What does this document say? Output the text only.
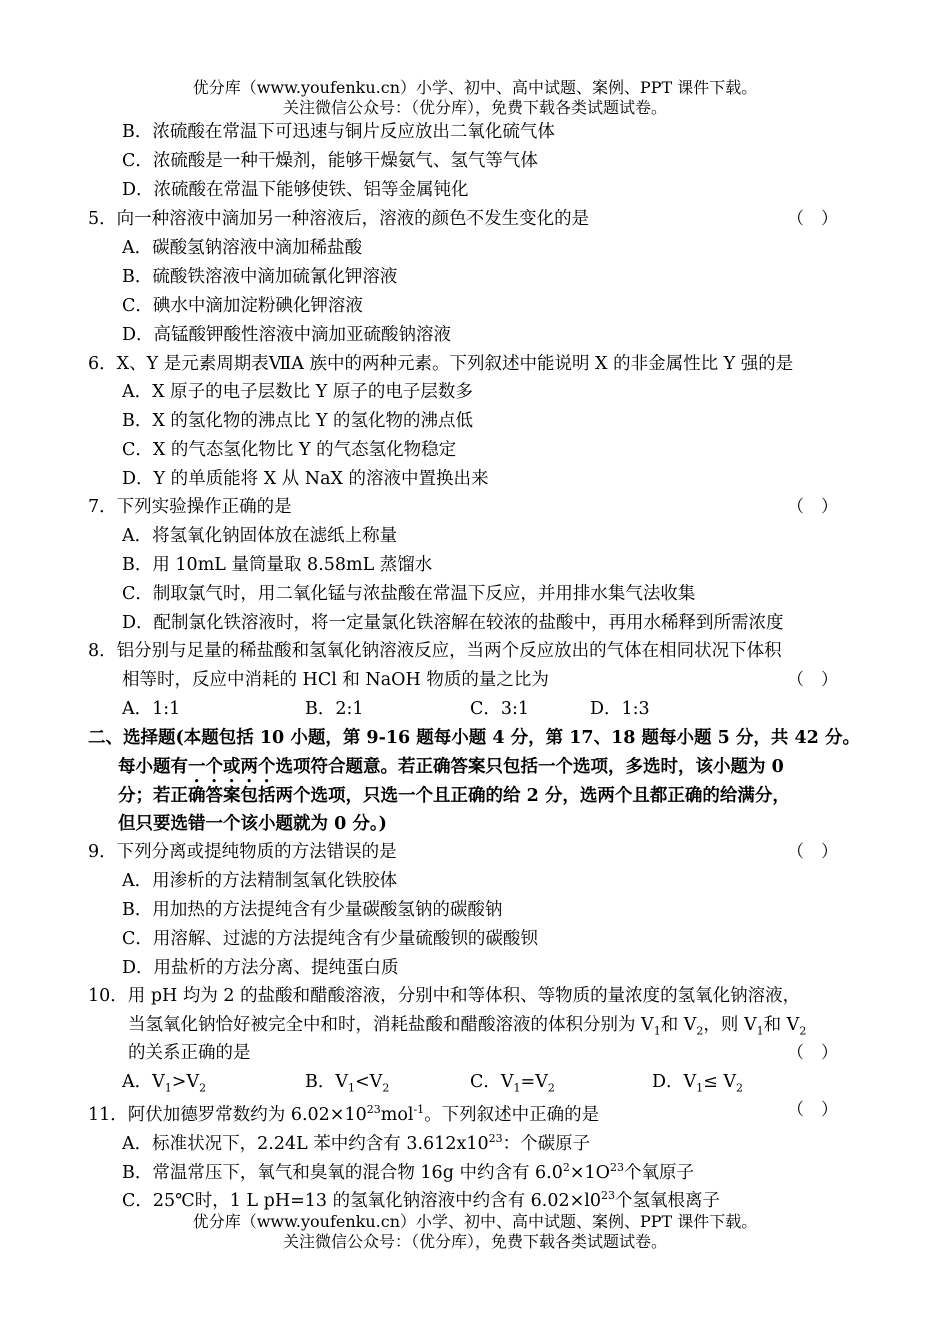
优分库（www.youfenku.cn）小学、初中、高中试题、案例、PPT 课件下载。
关注微信公众号：（优分库），免费下载各类试题试卷。
B．浓硫酸在常温下可迅速与铜片反应放出二氧化硫气体
C．浓硫酸是一种干燥剂，能够干燥氨气、氢气等气体
D．浓硫酸在常温下能够使铁、铝等金属钝化
5．向一种溶液中滴加另一种溶液后，溶液的颜色不发生变化的是	（　）
A．碳酸氢钠溶液中滴加稀盐酸
B．硫酸铁溶液中滴加硫氰化钾溶液
C．碘水中滴加淀粉碘化钾溶液
D．高锰酸钾酸性溶液中滴加亚硫酸钠溶液
6．X、Y 是元素周期表ⅦA 族中的两种元素。下列叙述中能说明 X 的非金属性比 Y 强的是
A．X 原子的电子层数比 Y 原子的电子层数多
B．X 的氢化物的沸点比 Y 的氢化物的沸点低
C．X 的气态氢化物比 Y 的气态氢化物稳定
D．Y 的单质能将 X 从 NaX 的溶液中置换出来
7．下列实验操作正确的是	（　）
A．将氢氧化钠固体放在滤纸上称量
B．用 10mL 量筒量取 8.58mL 蒸馏水
C．制取氯气时，用二氧化锰与浓盐酸在常温下反应，并用排水集气法收集
D．配制氯化铁溶液时，将一定量氯化铁溶解在较浓的盐酸中，再用水稀释到所需浓度
8．铝分别与足量的稀盐酸和氢氧化钠溶液反应，当两个反应放出的气体在相同状况下体积
相等时，反应中消耗的 HCl 和 NaOH 物质的量之比为	（　）
A．1:1	B．2:1	C．3:1	D．1:3
二、选择题(本题包括 10 小题，第 9-16 题每小题 4 分，第 17、18 题每小题 5 分，共 42 分。
每小题有一个或两个选项符合题意。若正确答案只包括一个选项，多选时，该小题为 0
分；若正确答案包括两个选项，只选一个且正确的给 2 分，选两个且都正确的给满分，
但只要选错一个该小题就为 0 分。)
9．下列分离或提纯物质的方法错误的是	（　）
A．用渗析的方法精制氢氧化铁胶体
B．用加热的方法提纯含有少量碳酸氢钠的碳酸钠
C．用溶解、过滤的方法提纯含有少量硫酸钡的碳酸钡
D．用盐析的方法分离、提纯蛋白质
10．用 pH 均为 2 的盐酸和醋酸溶液，分别中和等体积、等物质的量浓度的氢氧化钠溶液，
当氢氧化钠恰好被完全中和时，消耗盐酸和醋酸溶液的体积分别为 $V_1$和 $V_2$，则 $V_1$和 $V_2$
的关系正确的是	（　）
A．$V_1>V_2$	B．$V_1<V_2$	C．$V_1=V_2$	D．$V_1\le V_2$
11．阿伏加德罗常数约为 $6.02\times 10^{23}mol^{-1}$。下列叙述中正确的是	（　）
A．标准状况下，2.24L 苯中约含有 $3.612x10^{23}$：个碳原子
B．常温常压下，氧气和臭氧的混合物 16g 中约含有 $6.0^2\times 1O^{23}$个氧原子
C．25℃时，1 L pH=13 的氢氧化钠溶液中约含有 $6.02\times l0^{23}$个氢氧根离子
优分库（www.youfenku.cn）小学、初中、高中试题、案例、PPT 课件下载。
关注微信公众号：（优分库），免费下载各类试题试卷。
